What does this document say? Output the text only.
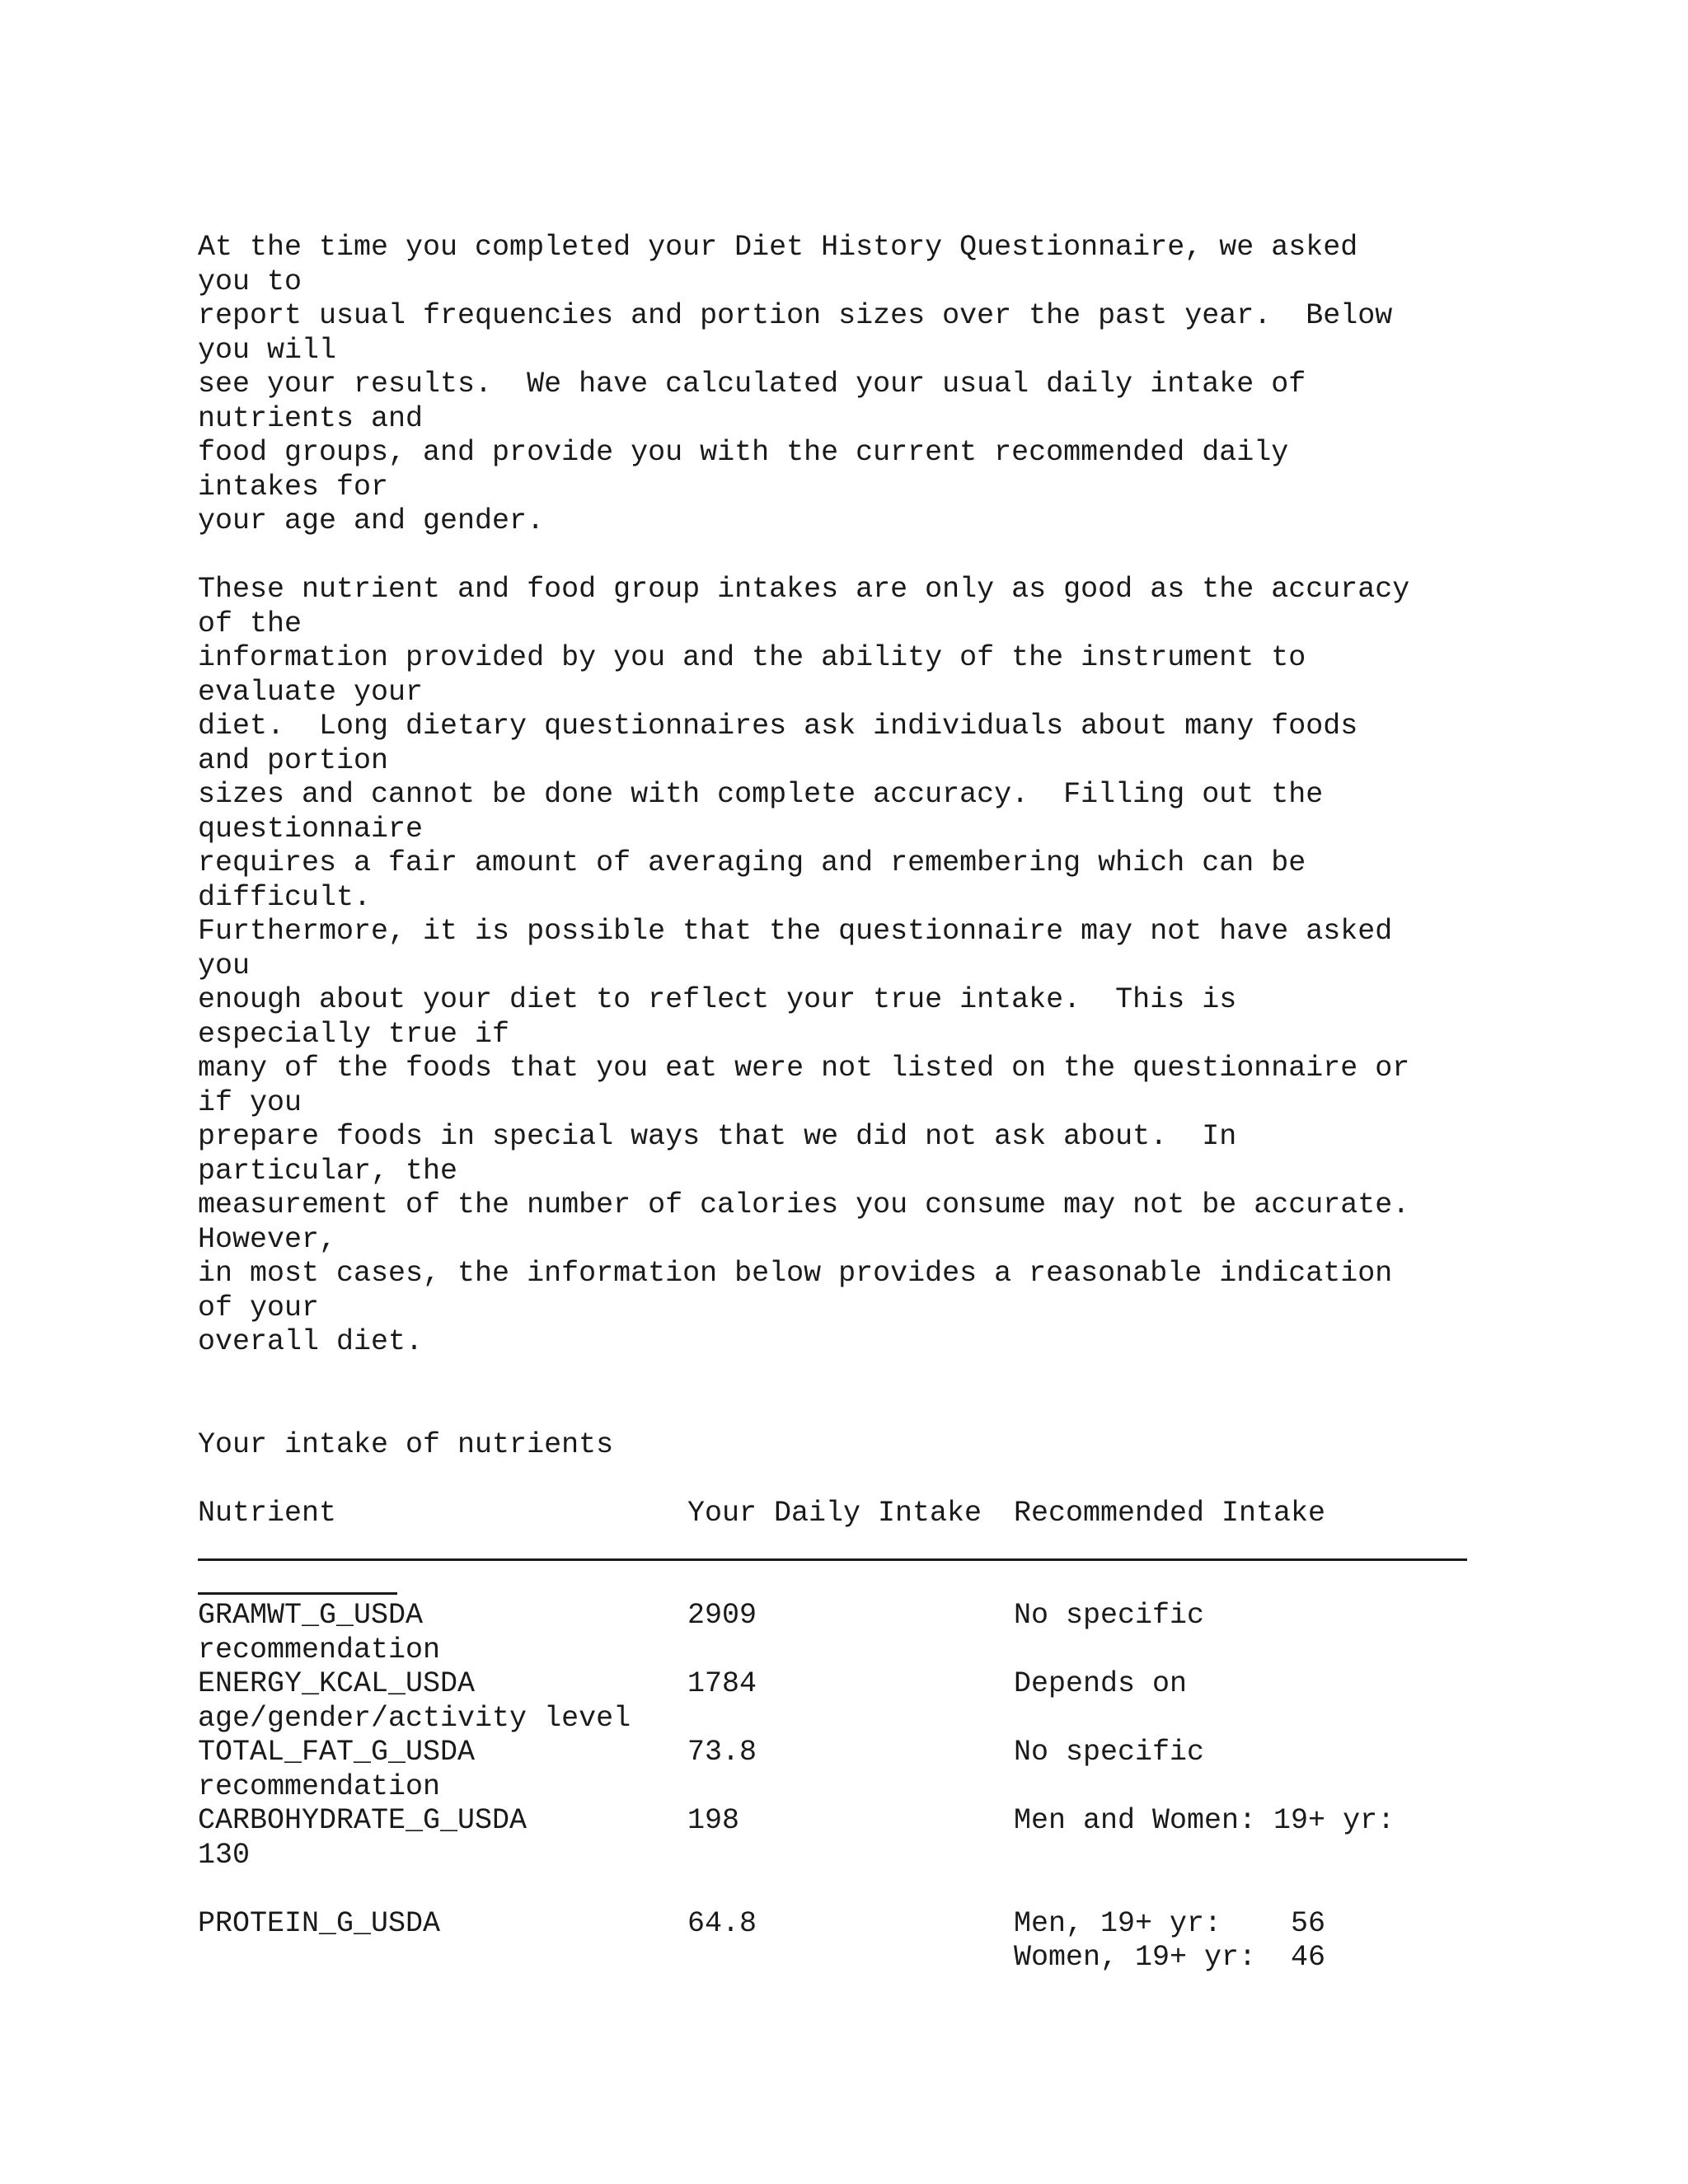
At the time you completed your Diet History Questionnaire, we asked
you to
report usual frequencies and portion sizes over the past year.  Below
you will
see your results.  We have calculated your usual daily intake of
nutrients and
food groups, and provide you with the current recommended daily
intakes for
your age and gender.
These nutrient and food group intakes are only as good as the accuracy
of the
information provided by you and the ability of the instrument to
evaluate your
diet.  Long dietary questionnaires ask individuals about many foods
and portion
sizes and cannot be done with complete accuracy.  Filling out the
questionnaire
requires a fair amount of averaging and remembering which can be
difficult.
Furthermore, it is possible that the questionnaire may not have asked
you
enough about your diet to reflect your true intake.  This is
especially true if
many of the foods that you eat were not listed on the questionnaire or
if you
prepare foods in special ways that we did not ask about.  In
particular, the
measurement of the number of calories you consume may not be accurate.
However,
in most cases, the information below provides a reasonable indication
of your
overall diet.
Your intake of nutrients
Nutrient	Your Daily Intake	Recommended Intake
GRAMWT_G_USDA	2909	No specific
recommendation
ENERGY_KCAL_USDA	1784	Depends on
age/gender/activity level
TOTAL_FAT_G_USDA	73.8	No specific
recommendation
CARBOHYDRATE_G_USDA	198	Men and Women: 19+ yr:
130
PROTEIN_G_USDA	64.8	Men, 19+ yr:    56
Women, 19+ yr:  46
